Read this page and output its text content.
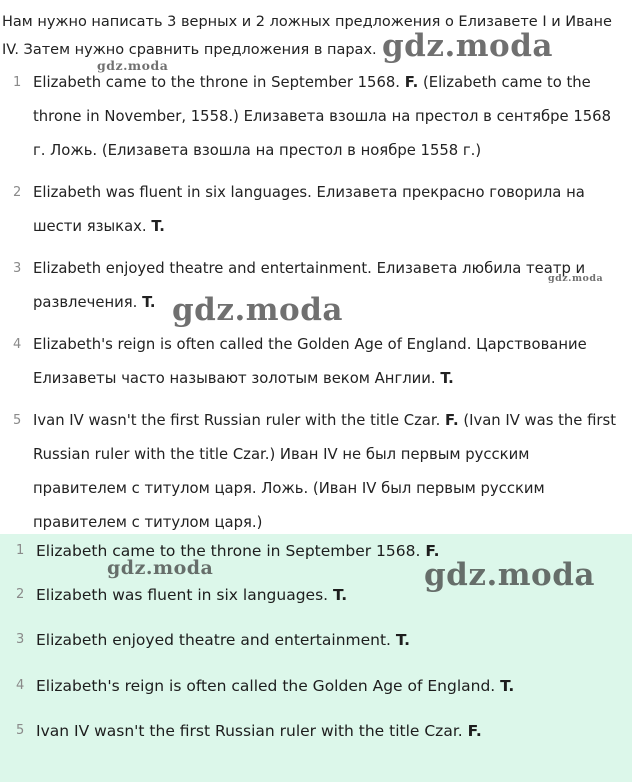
Нам нужно написать 3 верных и 2 ложных предложения о Елизавете I и Иване IV. Затем нужно сравнить предложения в парах.
1 Elizabeth came to the throne in September 1568. F. (Elizabeth came to the throne in November, 1558.) Елизавета взошла на престол в сентябре 1568 г. Ложь. (Елизавета взошла на престол в ноябре 1558 г.)
2 Elizabeth was fluent in six languages. Елизавета прекрасно говорила на шести языках. T.
3 Elizabeth enjoyed theatre and entertainment. Елизавета любила театр и развлечения. T.
4 Elizabeth's reign is often called the Golden Age of England. Царствование Елизаветы часто называют золотым веком Англии. T.
5 Ivan IV wasn't the first Russian ruler with the title Czar. F. (Ivan IV was the first Russian ruler with the title Czar.) Иван IV не был первым русским правителем с титулом царя. Ложь. (Иван IV был первым русским правителем с титулом царя.)
1 Elizabeth came to the throne in September 1568. F.
2 Elizabeth was fluent in six languages. T.
3 Elizabeth enjoyed theatre and entertainment. T.
4 Elizabeth's reign is often called the Golden Age of England. T.
5 Ivan IV wasn't the first Russian ruler with the title Czar. F.
gdz.moda
gdz.moda
gdz.moda
gdz.moda
gdz.moda	gdz.moda
